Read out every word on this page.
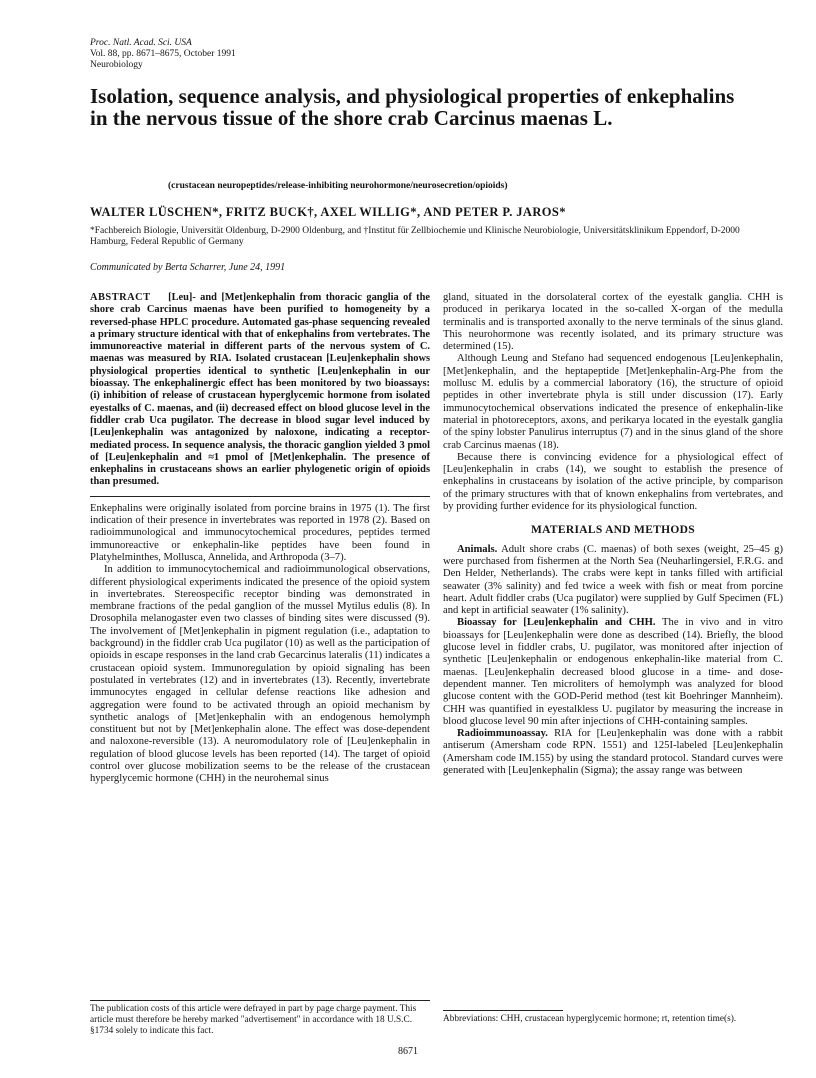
Proc. Natl. Acad. Sci. USA
Vol. 88, pp. 8671–8675, October 1991
Neurobiology
Isolation, sequence analysis, and physiological properties of enkephalins in the nervous tissue of the shore crab Carcinus maenas L.
(crustacean neuropeptides/release-inhibiting neurohormone/neurosecretion/opioids)
WALTER LÜSCHEN*, FRITZ BUCK†, AXEL WILLIG*, AND PETER P. JAROS*
*Fachbereich Biologie, Universität Oldenburg, D-2900 Oldenburg, and †Institut für Zellbiochemie und Klinische Neurobiologie, Universitätsklinikum Eppendorf, D-2000 Hamburg, Federal Republic of Germany
Communicated by Berta Scharrer, June 24, 1991

ABSTRACT [Leu]- and [Met]enkephalin from thoracic ganglia of the shore crab Carcinus maenas have been purified to homogeneity by a reversed-phase HPLC procedure. Automated gas-phase sequencing revealed a primary structure identical with that of enkephalins from vertebrates. The immunoreactive material in different parts of the nervous system of C. maenas was measured by RIA. Isolated crustacean [Leu]enkephalin shows physiological properties identical to synthetic [Leu]enkephalin in our bioassay. The enkephalinergic effect has been monitored by two bioassays: (i) inhibition of release of crustacean hyperglycemic hormone from isolated eyestalks of C. maenas, and (ii) decreased effect on blood glucose level in the fiddler crab Uca pugilator. The decrease in blood sugar level induced by [Leu]enkephalin was antagonized by naloxone, indicating a receptor-mediated process. In sequence analysis, the thoracic ganglion yielded 3 pmol of [Leu]enkephalin and ≈1 pmol of [Met]enkephalin. The presence of enkephalins in crustaceans shows an earlier phylogenetic origin of opioids than presumed.

Enkephalins were originally isolated from porcine brains in 1975 (1). The first indication of their presence in invertebrates was reported in 1978 (2). Based on radioimmunological and immunocytochemical procedures, peptides termed immunoreactive or enkephalin-like peptides have been found in Platyhelminthes, Mollusca, Annelida, and Arthropoda (3–7).

In addition to immunocytochemical and radioimmunological observations, different physiological experiments indicated the presence of the opioid system in invertebrates. Stereospecific receptor binding was demonstrated in membrane fractions of the pedal ganglion of the mussel Mytilus edulis (8). In Drosophila melanogaster even two classes of binding sites were discussed (9). The involvement of [Met]enkephalin in pigment regulation (i.e., adaptation to background) in the fiddler crab Uca pugilator (10) as well as the participation of opioids in escape responses in the land crab Gecarcinus lateralis (11) indicates a crustacean opioid system. Immunoregulation by opioid signaling has been postulated in vertebrates (12) and in invertebrates (13). Recently, invertebrate immunocytes engaged in cellular defense reactions like adhesion and aggregation were found to be activated through an opioid mechanism by synthetic analogs of [Met]enkephalin with an endogenous hemolymph constituent but not by [Met]enkephalin alone. The effect was dose-dependent and naloxone-reversible (13). A neuromodulatory role of [Leu]enkephalin in regulation of blood glucose levels has been reported (14). The target of opioid control over glucose mobilization seems to be the release of the crustacean hyperglycemic hormone (CHH) in the neurohemal sinus

gland, situated in the dorsolateral cortex of the eyestalk ganglia. CHH is produced in perikarya located in the so-called X-organ of the medulla terminalis and is transported axonally to the nerve terminals of the sinus gland. This neurohormone was recently isolated, and its primary structure was determined (15).

Although Leung and Stefano had sequenced endogenous [Leu]enkephalin, [Met]enkephalin, and the heptapeptide [Met]enkephalin-Arg-Phe from the mollusc M. edulis by a commercial laboratory (16), the structure of opioid peptides in other invertebrate phyla is still under discussion (17). Early immunocytochemical observations indicated the presence of enkephalin-like material in photoreceptors, axons, and perikarya located in the eyestalk ganglia of the spiny lobster Panulirus interruptus (7) and in the sinus gland of the shore crab Carcinus maenas (18).

Because there is convincing evidence for a physiological effect of [Leu]enkephalin in crabs (14), we sought to establish the presence of enkephalins in crustaceans by isolation of the active principle, by comparison of the primary structures with that of known enkephalins from vertebrates, and by providing further evidence for its physiological function.

MATERIALS AND METHODS

Animals. Adult shore crabs (C. maenas) of both sexes (weight, 25–45 g) were purchased from fishermen at the North Sea (Neuharlingersiel, F.R.G. and Den Helder, Netherlands). The crabs were kept in tanks filled with artificial seawater (3% salinity) and fed twice a week with fish or meat from porcine heart. Adult fiddler crabs (Uca pugilator) were supplied by Gulf Specimen (FL) and kept in artificial seawater (1% salinity).

Bioassay for [Leu]enkephalin and CHH. The in vivo and in vitro bioassays for [Leu]enkephalin were done as described (14). Briefly, the blood glucose level in fiddler crabs, U. pugilator, was monitored after injection of synthetic [Leu]enkephalin or endogenous enkephalin-like material from C. maenas. [Leu]enkephalin decreased blood glucose in a time- and dose-dependent manner. Ten microliters of hemolymph was analyzed for blood glucose content with the GOD-Perid method (test kit Boehringer Mannheim). CHH was quantified in eyestalkless U. pugilator by measuring the increase in blood glucose level 90 min after injections of CHH-containing samples.

Radioimmunoassay. RIA for [Leu]enkephalin was done with a rabbit antiserum (Amersham code RPN. 1551) and 125I-labeled [Leu]enkephalin (Amersham code IM.155) by using the standard protocol. Standard curves were generated with [Leu]enkephalin (Sigma); the assay range was between

The publication costs of this article were defrayed in part by page charge payment. This article must therefore be hereby marked "advertisement" in accordance with 18 U.S.C. §1734 solely to indicate this fact.
Abbreviations: CHH, crustacean hyperglycemic hormone; rt, retention time(s).
8671
